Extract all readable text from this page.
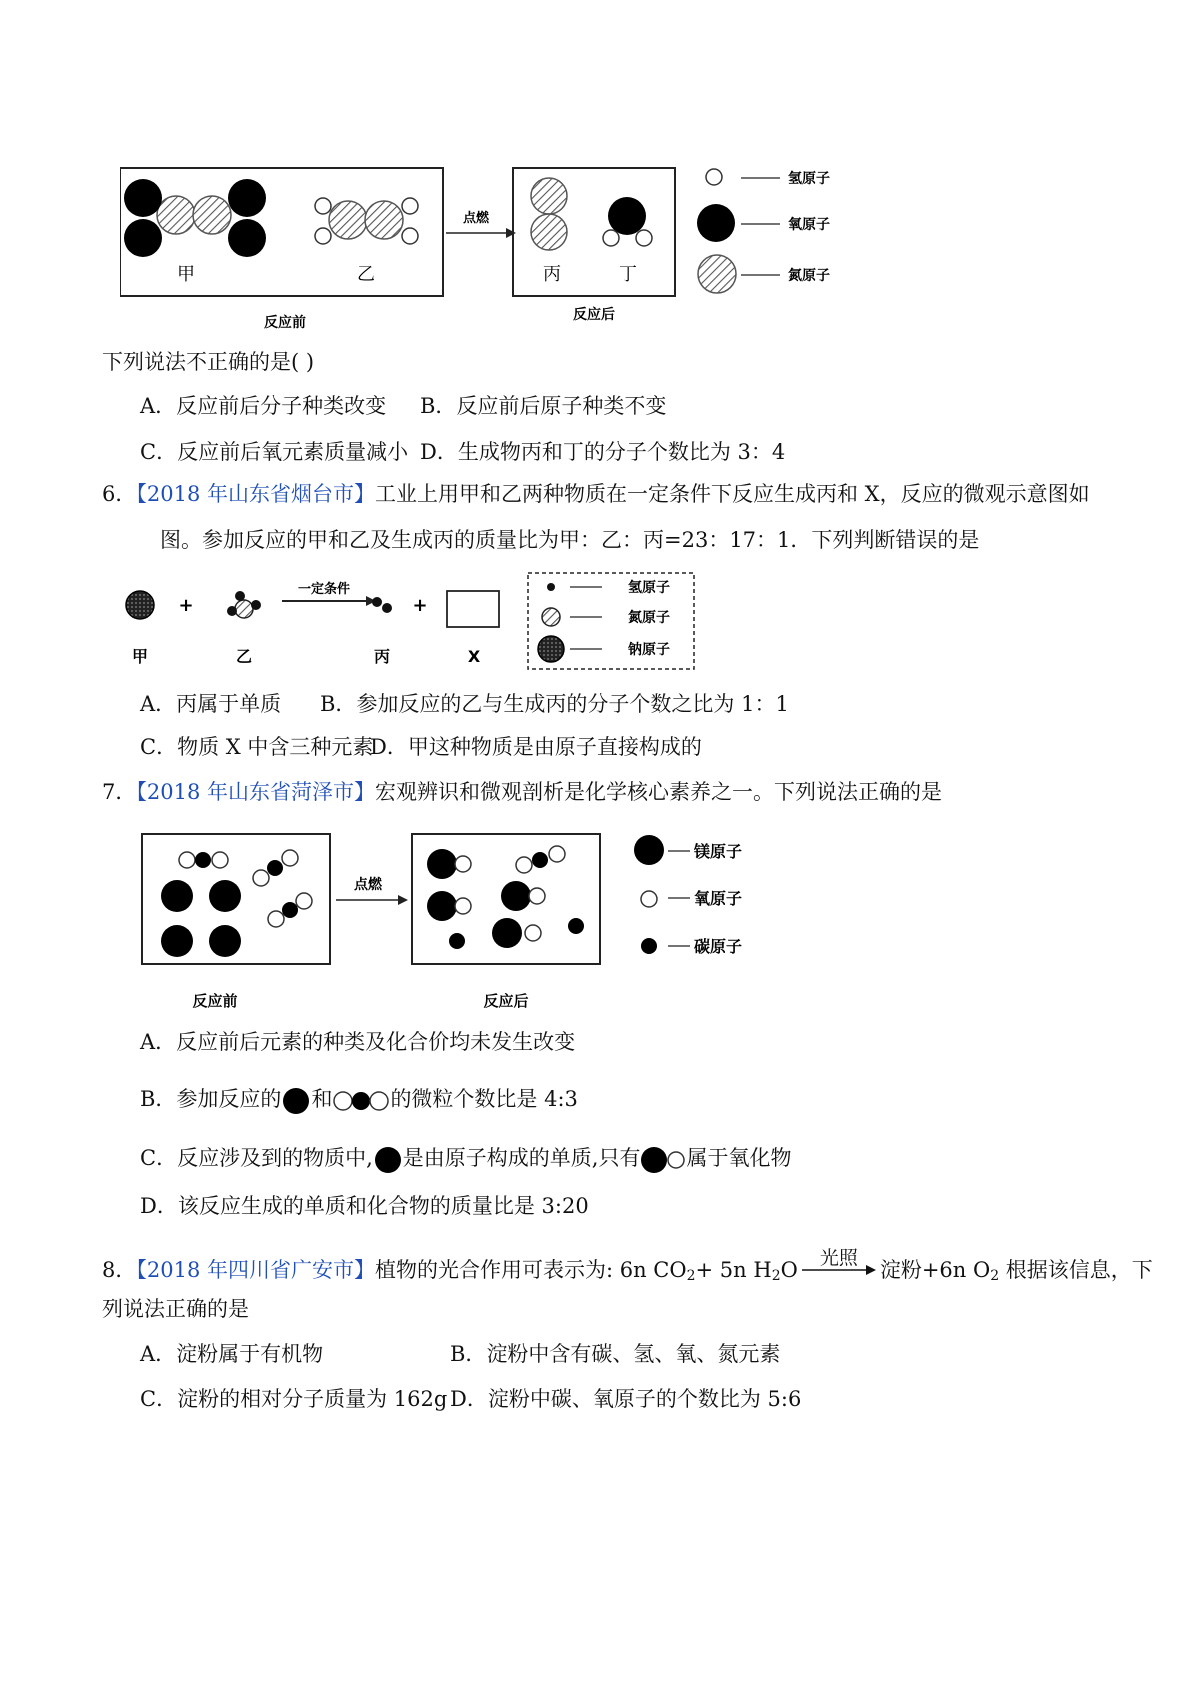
甲	乙
反应前
点燃
丙	丁
反应后
氢原子
氧原子
氮原子
下列说法不正确的是( )
A．反应前后分子种类改变 B．反应前后原子种类不变
C．反应前后氧元素质量减小 D．生成物丙和丁的分子个数比为 3：4
6．【2018 年山东省烟台市】工业上用甲和乙两种物质在一定条件下反应生成丙和 X，反应的微观示意图如
图。参加反应的甲和乙及生成丙的质量比为甲：乙：丙=23：17：1．下列判断错误的是
+
一定条件
+
甲	乙	丙	X
氢原子
氮原子
钠原子
A．丙属于单质 B．参加反应的乙与生成丙的分子个数之比为 1：1
C．物质 X 中含三种元素
D．甲这种物质是由原子直接构成的
7．【2018 年山东省菏泽市】宏观辨识和微观剖析是化学核心素养之一。下列说法正确的是
反应前
点燃
反应后
镁原子
氧原子
碳原子
A．反应前后元素的种类及化合价均未发生改变
B．参加反应的 和	的微粒个数比是 4:3
C．反应涉及到的物质中, 是由原子构成的单质,只有 属于氧化物
D．该反应生成的单质和化合物的质量比是 3:20
8．【2018 年四川省广安市】植物的光合作用可表示为: 6n $CO_2+ 5n$ $H_2O$
光照
淀粉+6n $O_2$ 根据该信息，下
列说法正确的是
A．淀粉属于有机物	B．淀粉中含有碳、氢、氧、氮元素
C．淀粉的相对分子质量为 162g D．淀粉中碳、氧原子的个数比为 5:6
